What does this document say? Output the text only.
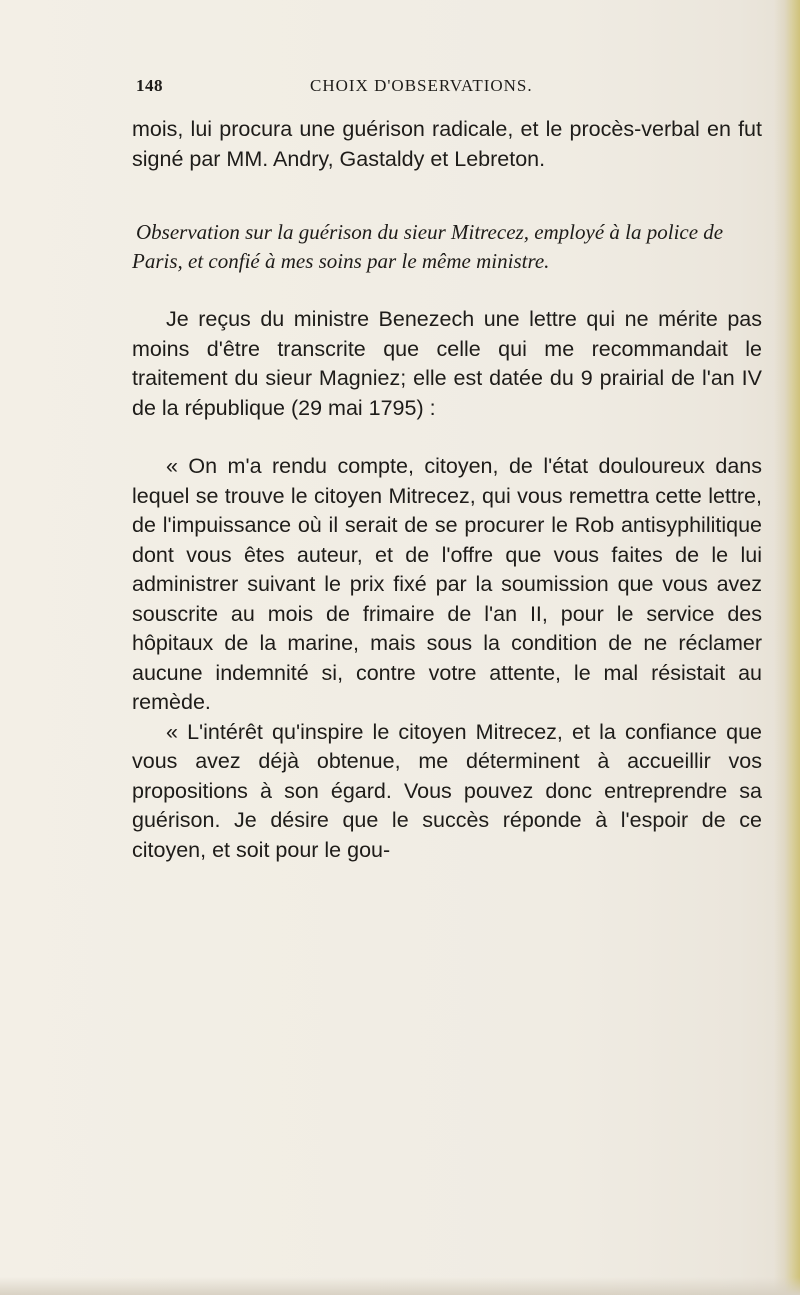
148	CHOIX D'OBSERVATIONS.

mois, lui procura une guérison radicale, et le procès-verbal en fut signé par MM. Andry, Gastaldy et Lebreton.

Observation sur la guérison du sieur Mitrecez, employé à la police de Paris, et confié à mes soins par le même ministre.

Je reçus du ministre Benezech une lettre qui ne mérite pas moins d'être transcrite que celle qui me recommandait le traitement du sieur Magniez; elle est datée du 9 prairial de l'an IV de la république (29 mai 1795) :

« On m'a rendu compte, citoyen, de l'état douloureux dans lequel se trouve le citoyen Mitrecez, qui vous remettra cette lettre, de l'impuissance où il serait de se procurer le Rob antisyphilitique dont vous êtes auteur, et de l'offre que vous faites de le lui administrer suivant le prix fixé par la soumission que vous avez souscrite au mois de frimaire de l'an II, pour le service des hôpitaux de la marine, mais sous la condition de ne réclamer aucune indemnité si, contre votre attente, le mal résistait au remède.

« L'intérêt qu'inspire le citoyen Mitrecez, et la confiance que vous avez déjà obtenue, me déterminent à accueillir vos propositions à son égard. Vous pouvez donc entreprendre sa guérison. Je désire que le succès réponde à l'espoir de ce citoyen, et soit pour le gou-
